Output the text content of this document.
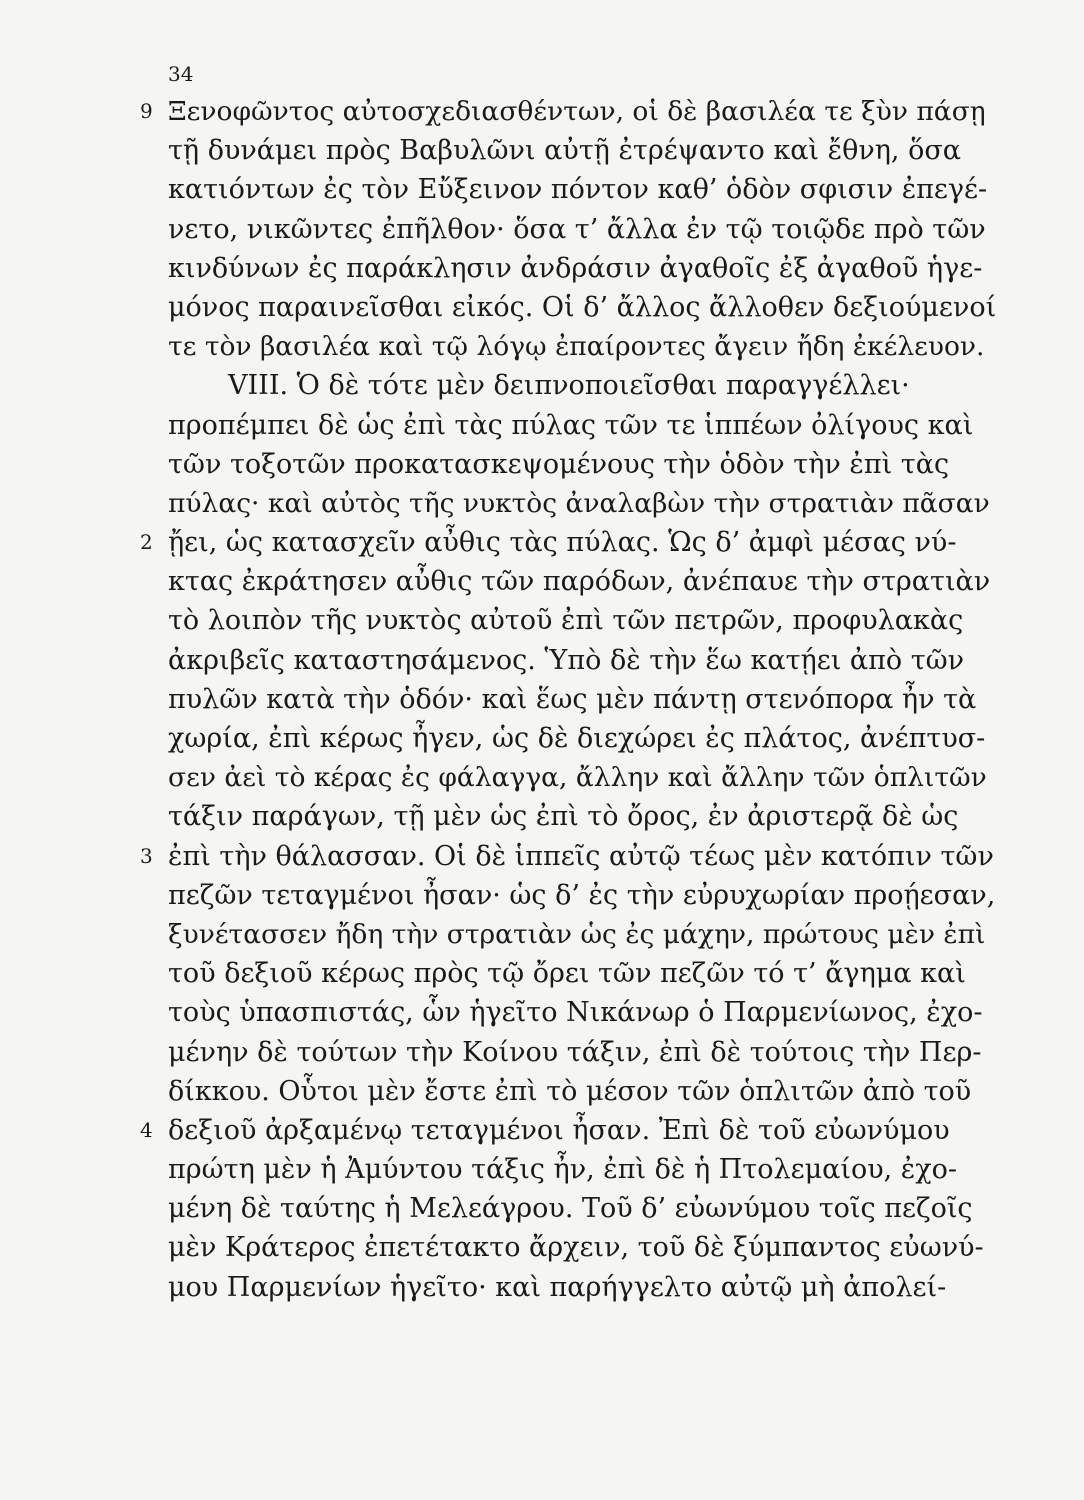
34
9 Ξενοφῶντος αὐτοσχεδιασθέντων, οἱ δὲ βασιλέα τε ξὺν πάσῃ
τῇ δυνάμει πρὸς Βαβυλῶνι αὐτῇ ἐτρέψαντο καὶ ἔθνη, ὅσα
κατιόντων ἐς τὸν Εὔξεινον πόντον καθ’ ὁδὸν σφισιν ἐπεγέ-
νετο, νικῶντες ἐπῆλθον· ὅσα τ’ ἄλλα ἐν τῷ τοιῷδε πρὸ τῶν
κινδύνων ἐς παράκλησιν ἀνδράσιν ἀγαθοῖς ἐξ ἀγαθοῦ ἡγε-
μόνος παραινεῖσθαι εἰκός. Οἱ δ’ ἄλλος ἄλλοθεν δεξιούμενοί
τε τὸν βασιλέα καὶ τῷ λόγῳ ἐπαίροντες ἄγειν ἤδη ἐκέλευον.
VIII. Ὁ δὲ τότε μὲν δειπνοποιεῖσθαι παραγγέλλει·
προπέμπει δὲ ὡς ἐπὶ τὰς πύλας τῶν τε ἱππέων ὀλίγους καὶ
τῶν τοξοτῶν προκατασκεψομένους τὴν ὁδὸν τὴν ἐπὶ τὰς
πύλας· καὶ αὐτὸς τῆς νυκτὸς ἀναλαβὼν τὴν στρατιὰν πᾶσαν
2 ᾔει, ὡς κατασχεῖν αὖθις τὰς πύλας. Ὡς δ’ ἀμφὶ μέσας νύ-
κτας ἐκράτησεν αὖθις τῶν παρόδων, ἀνέπαυε τὴν στρατιὰν
τὸ λοιπὸν τῆς νυκτὸς αὐτοῦ ἐπὶ τῶν πετρῶν, προφυλακὰς
ἀκριβεῖς καταστησάμενος. Ὑπὸ δὲ τὴν ἕω κατῄει ἀπὸ τῶν
πυλῶν κατὰ τὴν ὁδόν· καὶ ἕως μὲν πάντῃ στενόπορα ἦν τὰ
χωρία, ἐπὶ κέρως ἦγεν, ὡς δὲ διεχώρει ἐς πλάτος, ἀνέπτυσ-
σεν ἀεὶ τὸ κέρας ἐς φάλαγγα, ἄλλην καὶ ἄλλην τῶν ὁπλιτῶν
τάξιν παράγων, τῇ μὲν ὡς ἐπὶ τὸ ὄρος, ἐν ἀριστερᾷ δὲ ὡς
3 ἐπὶ τὴν θάλασσαν. Οἱ δὲ ἱππεῖς αὐτῷ τέως μὲν κατόπιν τῶν
πεζῶν τεταγμένοι ἦσαν· ὡς δ’ ἐς τὴν εὐρυχωρίαν προῄεσαν,
ξυνέτασσεν ἤδη τὴν στρατιὰν ὡς ἐς μάχην, πρώτους μὲν ἐπὶ
τοῦ δεξιοῦ κέρως πρὸς τῷ ὄρει τῶν πεζῶν τό τ’ ἄγημα καὶ
τοὺς ὑπασπιστάς, ὧν ἡγεῖτο Νικάνωρ ὁ Παρμενίωνος, ἐχο-
μένην δὲ τούτων τὴν Κοίνου τάξιν, ἐπὶ δὲ τούτοις τὴν Περ-
δίκκου. Οὗτοι μὲν ἔστε ἐπὶ τὸ μέσον τῶν ὁπλιτῶν ἀπὸ τοῦ
4 δεξιοῦ ἀρξαμένῳ τεταγμένοι ἦσαν. Ἐπὶ δὲ τοῦ εὐωνύμου
πρώτη μὲν ἡ Ἀμύντου τάξις ἦν, ἐπὶ δὲ ἡ Πτολεμαίου, ἐχο-
μένη δὲ ταύτης ἡ Μελεάγρου. Τοῦ δ’ εὐωνύμου τοῖς πεζοῖς
μὲν Κράτερος ἐπετέτακτο ἄρχειν, τοῦ δὲ ξύμπαντος εὐωνύ-
μου Παρμενίων ἡγεῖτο· καὶ παρήγγελτο αὐτῷ μὴ ἀπολεί-
